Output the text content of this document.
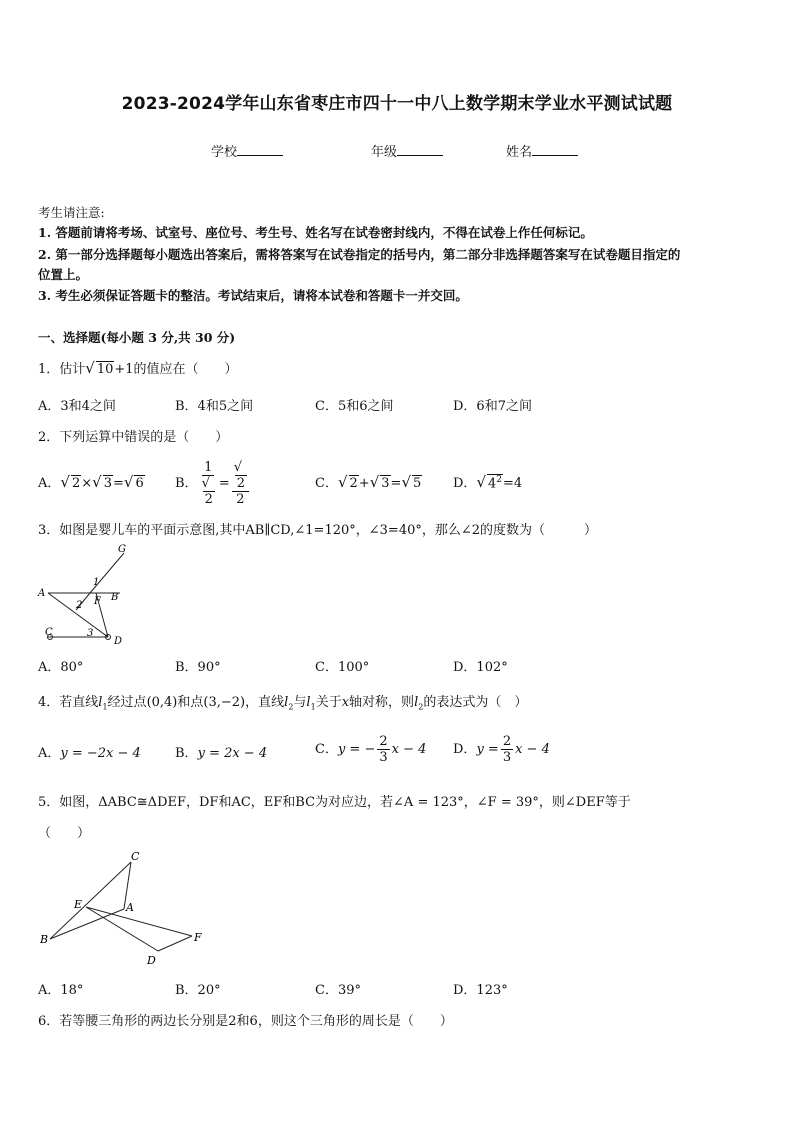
2023-2024学年山东省枣庄市四十一中八上数学期末学业水平测试试题
学校	年级	姓名
考生请注意:
1. 答题前请将考场、试室号、座位号、考生号、姓名写在试卷密封线内，不得在试卷上作任何标记。
2. 第一部分选择题每小题选出答案后，需将答案写在试卷指定的括号内，第二部分非选择题答案写在试卷题目指定的
位置上。
3. 考生必须保证答题卡的整洁。考试结束后，请将本试卷和答题卡一并交回。
一、选择题(每小题 3 分,共 30 分)
1．估计√ 10+1的值应在（　　）
A．3和4之间	B．4和5之间	C．5和6之间	D．6和7之间
2．下列运算中错误的是（　　）
A．√ 2×√ 3=√ 6 B． 1
√
2 = √
2
2	C．√ 2+√ 3=√ 5 D．√ $4^2=4$
3．如图是婴儿车的平面示意图,其中AB∥CD,∠1=120°，∠3=40°，那么∠2的度数为（　　　）
G
1
A
F B
2
C	3
D
A．80°	B．90°	C．100°	D．102°
4．若直线$l_1$经过点(0,4)和点(3,−2)，直线$l_2$与$l_1$关于x轴对称，则$l_2$的表达式为（　）
A．y = −2x − 4	B．y = 2x − 4	C．y = − $\frac{2}{3}$ x − 4 D．$y = \frac{2}{3}$ x − 4
5．如图，ΔABC≅ΔDEF，DF和AC，EF和BC为对应边，若∠A = 123°，∠F = 39°，则∠DEF等于
（　　）
C
E	A
B	F
D
A．18°	B．20°	C．39°	D．123°
6．若等腰三角形的两边长分别是2和6，则这个三角形的周长是（　　）
